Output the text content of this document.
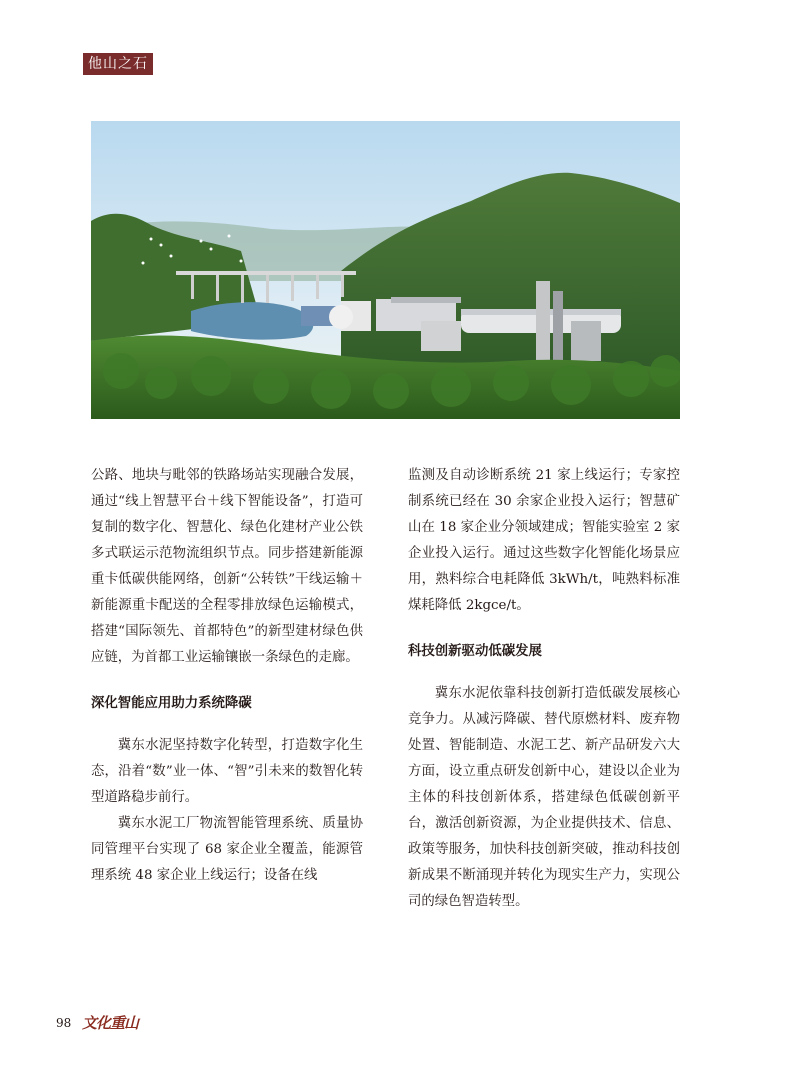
他山之石

公路、地块与毗邻的铁路场站实现融合发展，通过“线上智慧平台＋线下智能设备”，打造可复制的数字化、智慧化、绿色化建材产业公铁多式联运示范物流组织节点。同步搭建新能源重卡低碳供能网络，创新“公转铁”干线运输＋新能源重卡配送的全程零排放绿色运输模式，搭建“国际领先、首都特色”的新型建材绿色供应链，为首都工业运输镶嵌一条绿色的走廊。

深化智能应用助力系统降碳

冀东水泥坚持数字化转型，打造数字化生态，沿着“数”业一体、“智”引未来的数智化转型道路稳步前行。

冀东水泥工厂物流智能管理系统、质量协同管理平台实现了 68 家企业全覆盖，能源管理系统 48 家企业上线运行；设备在线

监测及自动诊断系统 21 家上线运行；专家控制系统已经在 30 余家企业投入运行；智慧矿山在 18 家企业分领域建成；智能实验室 2 家企业投入运行。通过这些数字化智能化场景应用，熟料综合电耗降低 3kWh/t，吨熟料标准煤耗降低 2kgce/t。

科技创新驱动低碳发展

冀东水泥依靠科技创新打造低碳发展核心竞争力。从减污降碳、替代原燃材料、废弃物处置、智能制造、水泥工艺、新产品研发六大方面，设立重点研发创新中心，建设以企业为主体的科技创新体系，搭建绿色低碳创新平台，激活创新资源，为企业提供技术、信息、政策等服务，加快科技创新突破，推动科技创新成果不断涌现并转化为现实生产力，实现公司的绿色智造转型。

98 文化重山
